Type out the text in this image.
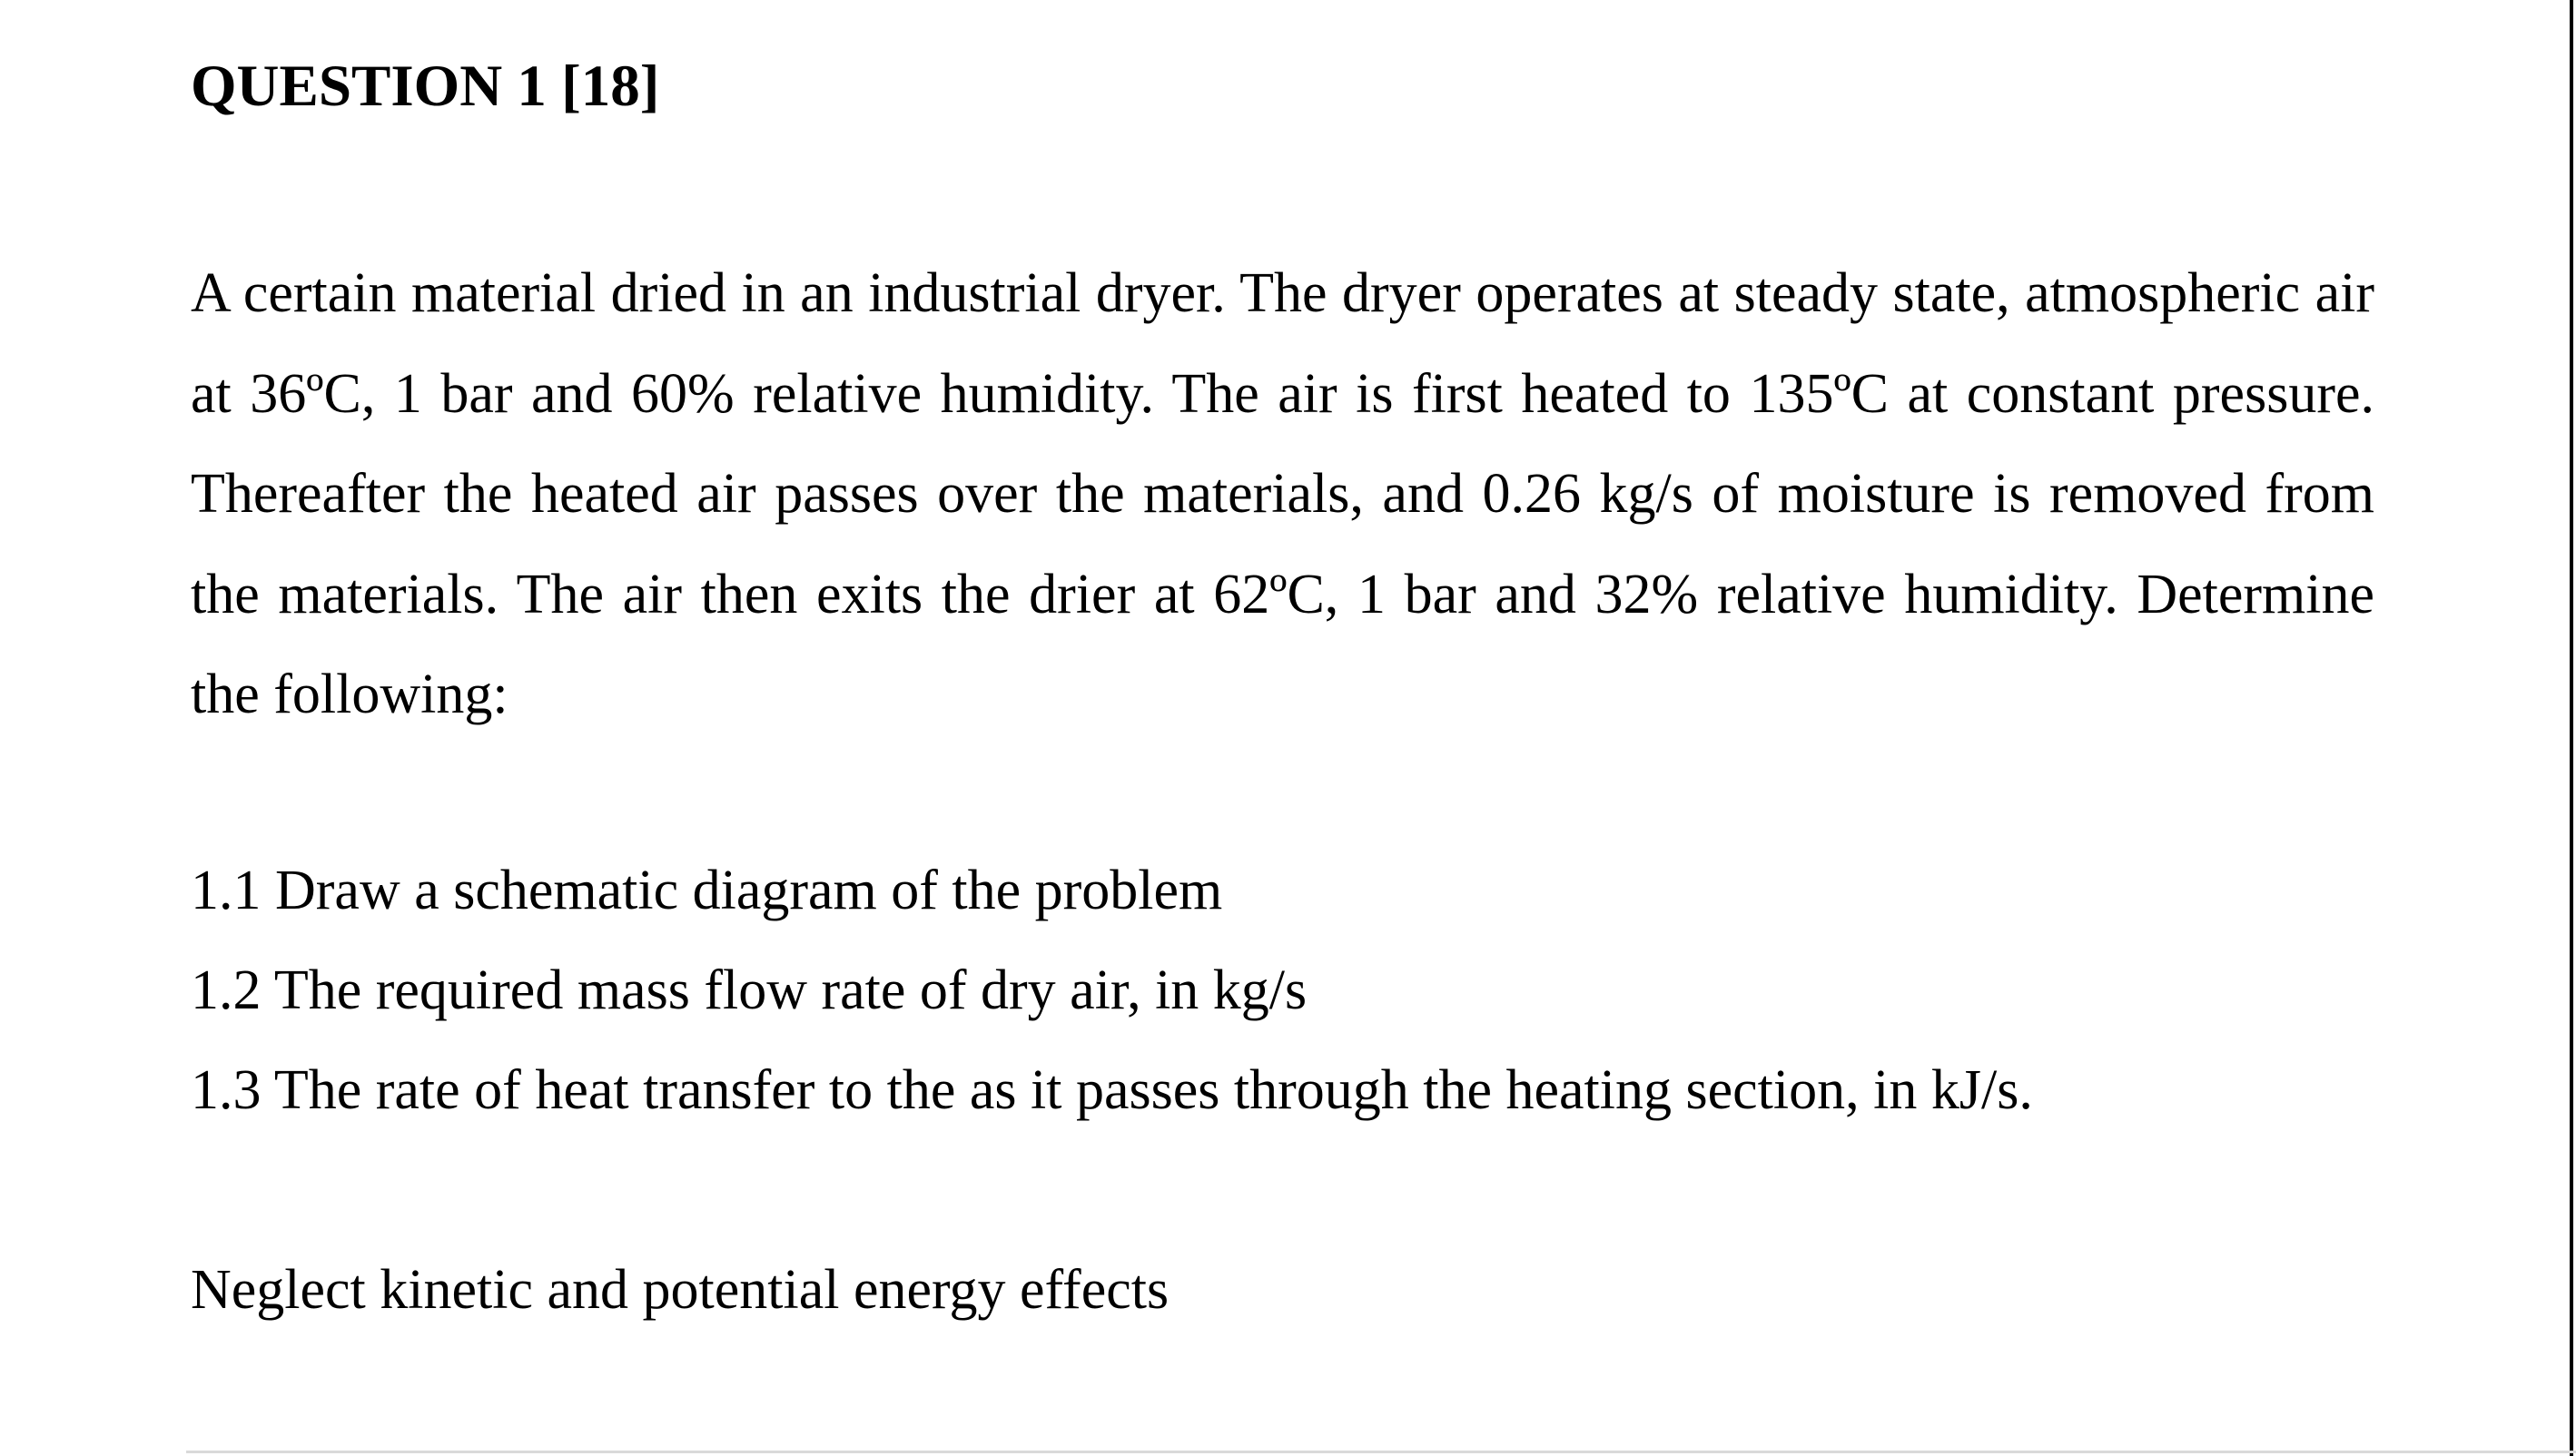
QUESTION 1 [18]

A certain material dried in an industrial dryer. The dryer operates at steady state, atmospheric air at 36ºC, 1 bar and 60% relative humidity. The air is first heated to 135ºC at constant pressure. Thereafter the heated air passes over the materials, and 0.26 kg/s of moisture is removed from the materials. The air then exits the drier at 62ºC, 1 bar and 32% relative humidity. Determine the following:

1.1 Draw a schematic diagram of the problem

1.2 The required mass flow rate of dry air, in kg/s

1.3 The rate of heat transfer to the as it passes through the heating section, in kJ/s.

Neglect kinetic and potential energy effects
